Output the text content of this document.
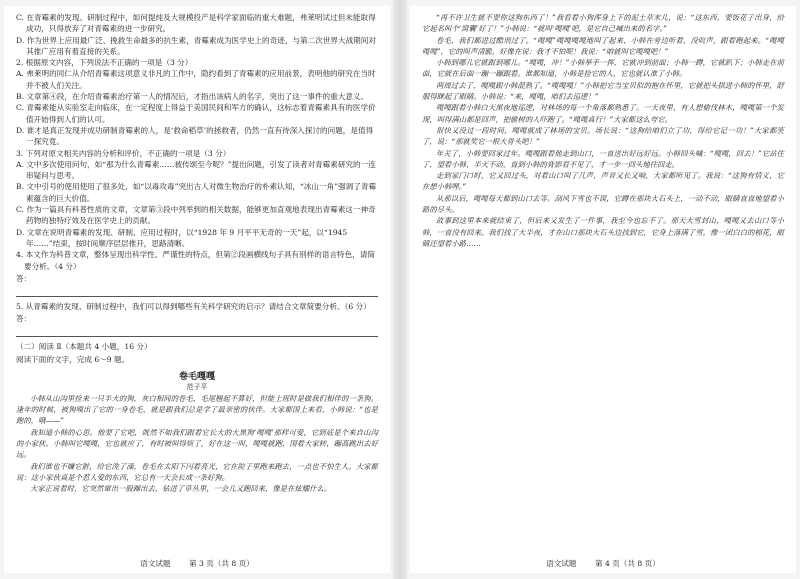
C. 在青霉素的发现、研制过程中，如何提纯及大规模投产是科学家面临的重大难题，弗莱明试过但未能取得成功，只得放弃了对青霉素的进一步研究。

D. 作为世界上应用最广泛、挽救生命最多的抗生素，青霉素成为医学史上的奇迹，与第二次世界大战期间对其推广应用有着直接的关系。

2. 根据原文内容，下列说法不正确的一项是（3 分）

A. 弗莱明的同仁从介绍青霉素这项意义非凡的工作中，隐约看到了青霉素的应用前景，表明他的研究在当时并不被人们关注。

B. 文章第④段，在介绍青霉素治疗第一人的情况后，才指出该病人的名字，突出了这一事件的重大意义。

C. 青霉素能从实验室走向临床，在一定程度上得益于美国民间和军方的确认，这标志着青霉素具有的医学价值开始得到人们的认可。

D. 谁才是真正发现并成功研制青霉素的人，是‘救命稻草’的拯救者，仍然一直有待深入探讨的问题，是值得一探究竟。

3. 下列对原文相关内容的分析和评价，不正确的一项是（3 分）

A. 文中多次使用问句，如“那为什么青霉素……被传颂至今呢？”提出问题，引发了读者对青霉素研究的一连串疑问与思考。

B. 文中引号的使用使用了很多处，如“以毒攻毒”突出古人对微生物治疗的朴素认知，“冰山一角”强调了青霉素蕴含的巨大价值。

C. 作为一篇具有科普性质的文章，文章第③段中列举到的相关数据，能够更加直观地表现出青霉素这一神奇药物的独特疗效及在医学史上的贡献。

D. 文章在说明青霉素的发现、研制、应用过程时，以“1928 年 9 月平平无奇的一天”起，以“1945 年……”结束，按时间顺序层层推开，思路清晰。

4. 本文作为科普文章，整体呈现出科学性、严谨性的特点，但第②段画横线句子具有别样的语言特色，请简要分析。（4 分）

答：

5. 从青霉素的发现、研制过程中，我们可以得到哪些有关科学研究的启示？请结合文章简要分析。（6 分）

答：

（二）阅读 Ⅱ（本题共 4 小题，16 分）

阅读下面的文字，完成 6～9 题。

卷毛嘎嘎

范子平

小韩从山沟里捡来一只半大的狗，灰白相间的卷毛，毛尾翘起不算好，但能上班时是做我们相伴的一条狗。逢年的时候，被狗嗅出了它的一身卷毛，就是跟我们总是学了最亲密的伙伴。大家都围上来看，小韩说：“也是跑的，哦——”

我知道小韩的心思。他要了它吧，既然不如我们跟着它长大的大黑狗‘嘎嘎’那样可爱，它到底是个来自山沟的小家伙。小韩叫它嘎嘎，它也就应了，有时被叫得烦了，好在这一叫，嘎嘎就跑，围着大家转，蹦高跳出去好远。

我们谁也不嫌它脏，给它洗了澡，卷毛在太阳下闪着亮光，它在院子里跑来跑去，一点也不怕生人。大家都说：这小家伙真是个惹人爱的东西，它总有一天会长成一条好狗。

大家正说着时，它突然窜出一股蹿出去，钻进了草丛里，一会儿又跑回来，像是在炫耀什么。

语文试题 第 3 页（共 8 页）

“再不许卫生就不要你这狗东西了！”我看着小狗浑身上下的泥土草末儿，说：“这东西，要饭花子出身，给它起名叫个‘窝囊’好了！”小韩说：“就叫‘嘎嘎’吧，是它自己喊出来的名字。”

卷毛，我们都进过酷刑过了。“嘎嘎”嘎嘎嘎嘎地叫了起来，小韩在旁边听着，没吭声，跟着跑起来。“嘎嘎嘎嘎”，它的叫声清脆，好像在说：我才不怕呢！我说：“咱就叫它嘎嘎吧！”

小韩到哪儿它就跟到哪儿。“嘎嘎，冲！”小韩举手一挥，它就冲到前面；小韩一蹲，它就趴下；小韩走在前面，它就在后面一蹦一蹦跟着。谁都知道，小韩是捡它的人，它也就认准了小韩。

两周过去了，嘎嘎跟小韩混熟了。“嘎嘎嘎！”小韩把它当宝贝似的抱在怀里，它就把头拱进小韩的怀里，舒服得眯起了眼睛。小韩说：“来，嘎嘎，咱们去巡逻！”

嘎嘎跟着小韩白天黑夜地巡逻，对林场的每一个角落都熟悉了。一天夜里，有人想偷伐林木，嘎嘎第一个发现，叫得满山都是回声，把偷树的人吓跑了。“嘎嘎真行！”大家都这么夸它。

很快又没过一段时间，嘎嘎就成了林场的宝贝。场长说：“这狗给咱们立了功，得给它记一功！”大家都笑了，说：“那就奖它一根大骨头吧！”

年关了，小韩要回家过年。嘎嘎跟着他走到山口，一直送出好远好远。小韩回头喊：“嘎嘎，回去！”它站住了，望着小韩，半天不动，直到小韩的背影看不见了，才一步一回头地往回走。

走到家门口时，它又回过头，对着山口叫了几声，声音又长又响，大家都听见了。我说：“这狗有情义，它在想小韩哩。”

从那以后，嘎嘎每天都到山口去等。刮风下雪也不误，它蹲在那块大石头上，一动不动，眼睛直直地望着小路的尽头。

故事到这里本来就结束了，但后来又发生了一件事，我至今也忘不了。那天大雪封山，嘎嘎又去山口等小韩，一直没有回来。我们找了大半夜，才在山口那块大石头边找到它，它身上落满了雪，像一团白白的棉花，眼睛还望着小路……

语文试题 第 4 页（共 8 页）
